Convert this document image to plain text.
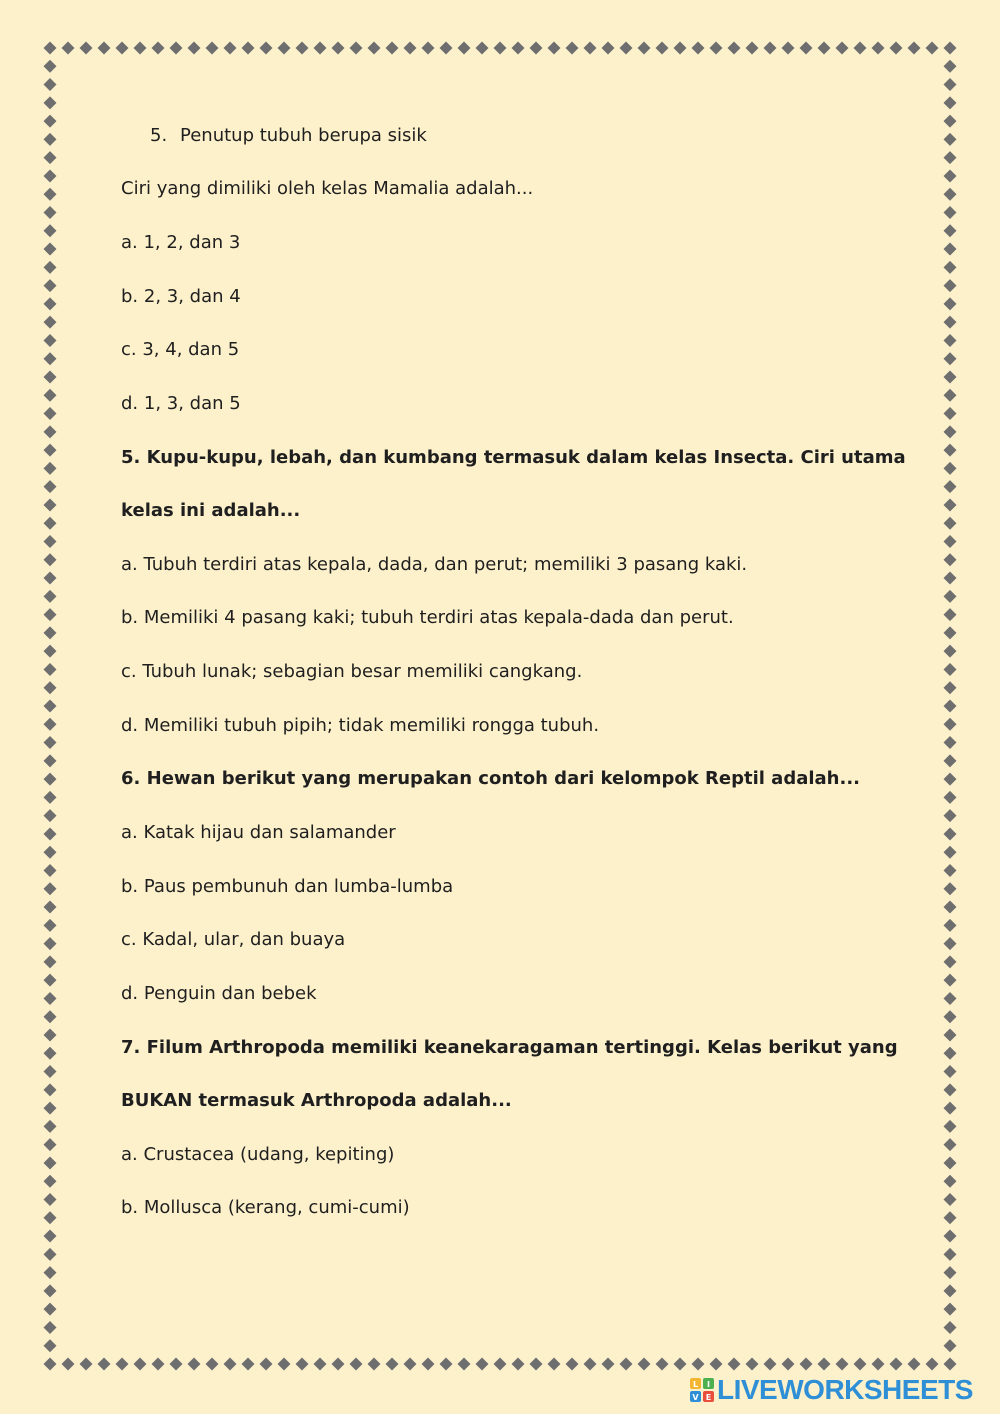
5. Penutup tubuh berupa sisik

Ciri yang dimiliki oleh kelas Mamalia adalah...

a. 1, 2, dan 3

b. 2, 3, dan 4

c. 3, 4, dan 5

d. 1, 3, dan 5

5. Kupu-kupu, lebah, dan kumbang termasuk dalam kelas Insecta. Ciri utama

kelas ini adalah...

a. Tubuh terdiri atas kepala, dada, dan perut; memiliki 3 pasang kaki.

b. Memiliki 4 pasang kaki; tubuh terdiri atas kepala-dada dan perut.

c. Tubuh lunak; sebagian besar memiliki cangkang.

d. Memiliki tubuh pipih; tidak memiliki rongga tubuh.

6. Hewan berikut yang merupakan contoh dari kelompok Reptil adalah...

a. Katak hijau dan salamander

b. Paus pembunuh dan lumba-lumba

c. Kadal, ular, dan buaya

d. Penguin dan bebek

7. Filum Arthropoda memiliki keanekaragaman tertinggi. Kelas berikut yang

BUKAN termasuk Arthropoda adalah...

a. Crustacea (udang, kepiting)

b. Mollusca (kerang, cumi-cumi)

L I
V E LIVEWORKSHEETS
